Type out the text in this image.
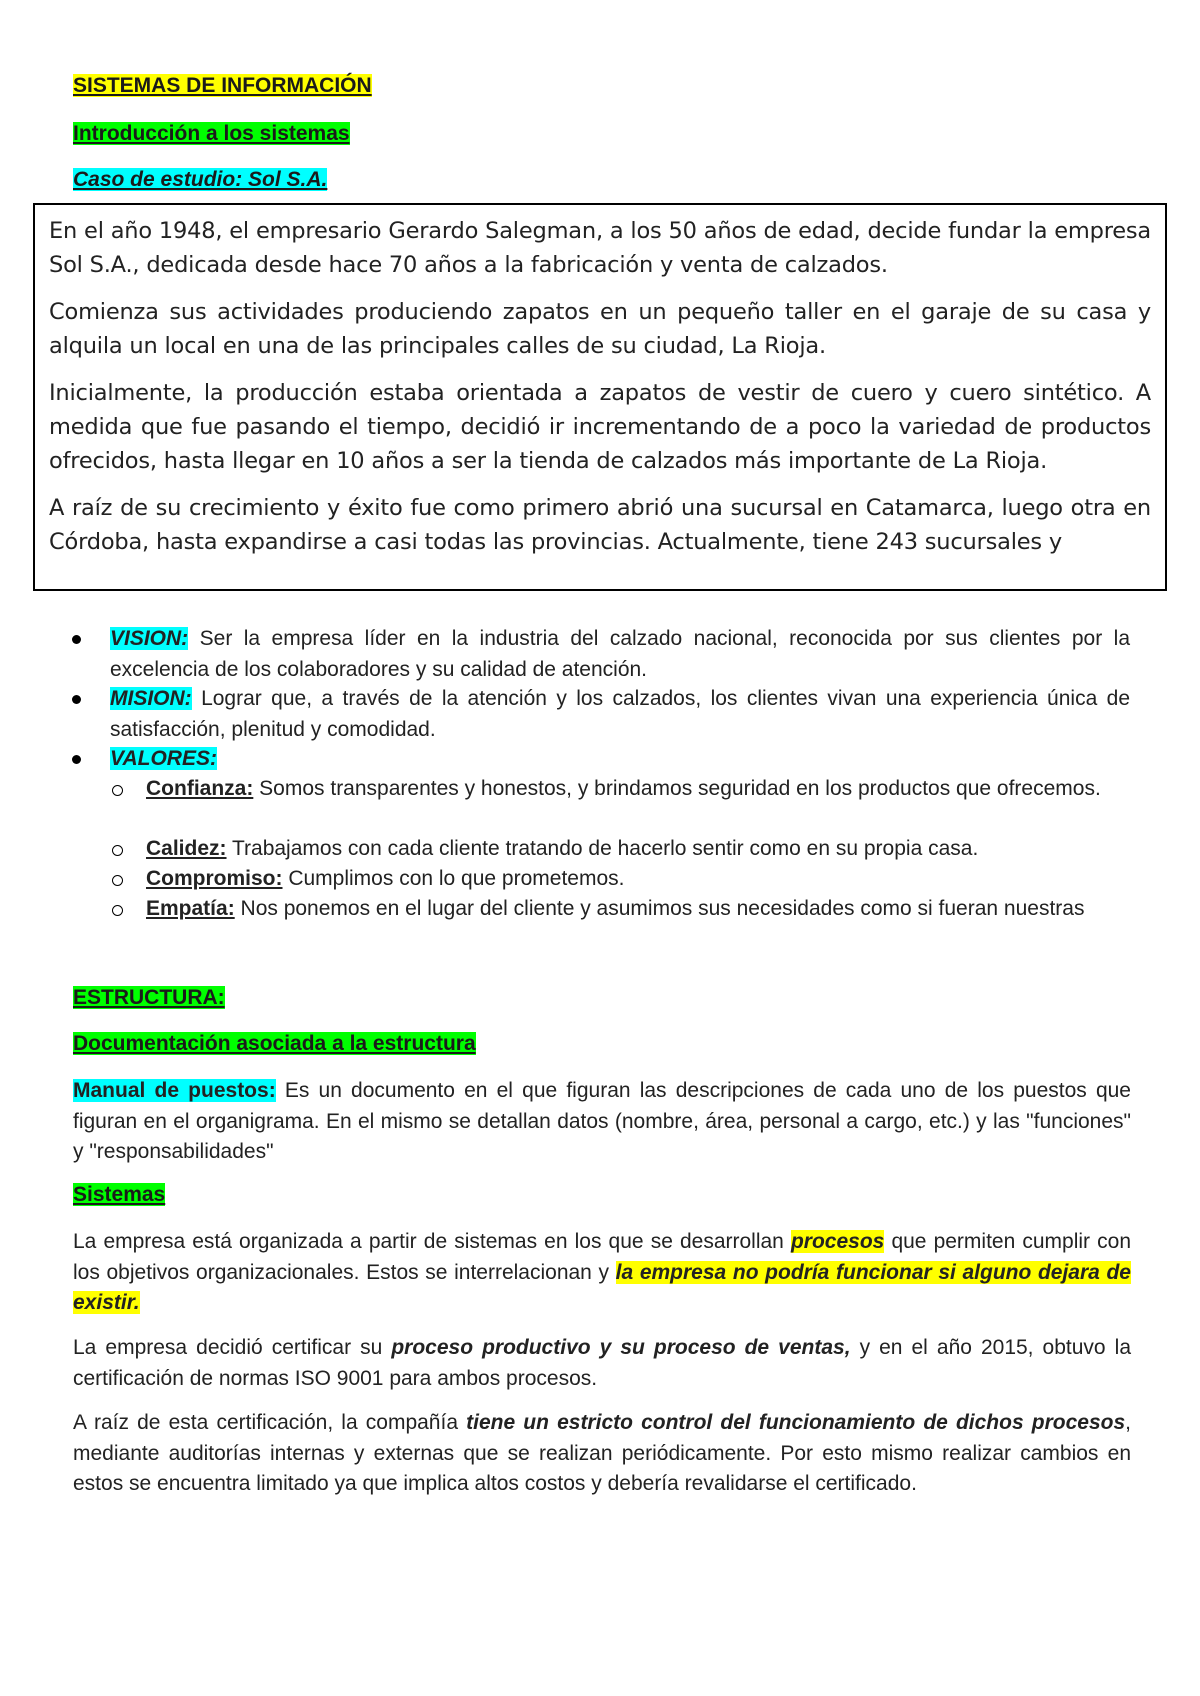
SISTEMAS DE INFORMACIÓN
Introducción a los sistemas
Caso de estudio: Sol S.A.

En el año 1948, el empresario Gerardo Salegman, a los 50 años de edad, decide fundar la empresa Sol S.A., dedicada desde hace 70 años a la fabricación y venta de calzados.

Comienza sus actividades produciendo zapatos en un pequeño taller en el garaje de su casa y alquila un local en una de las principales calles de su ciudad, La Rioja.

Inicialmente, la producción estaba orientada a zapatos de vestir de cuero y cuero sintético. A medida que fue pasando el tiempo, decidió ir incrementando de a poco la variedad de productos ofrecidos, hasta llegar en 10 años a ser la tienda de calzados más importante de La Rioja.

A raíz de su crecimiento y éxito fue como primero abrió una sucursal en Catamarca, luego otra en Córdoba, hasta expandirse a casi todas las provincias. Actualmente, tiene 243 sucursales y

VISION: Ser la empresa líder en la industria del calzado nacional, reconocida por sus clientes por la excelencia de los colaboradores y su calidad de atención.
MISION: Lograr que, a través de la atención y los calzados, los clientes vivan una experiencia única de satisfacción, plenitud y comodidad.
VALORES:
Confianza: Somos transparentes y honestos, y brindamos seguridad en los productos que ofrecemos.
Calidez: Trabajamos con cada cliente tratando de hacerlo sentir como en su propia casa.
Compromiso: Cumplimos con lo que prometemos.
Empatía: Nos ponemos en el lugar del cliente y asumimos sus necesidades como si fueran nuestras
ESTRUCTURA:
Documentación asociada a la estructura
Manual de puestos: Es un documento en el que figuran las descripciones de cada uno de los puestos que figuran en el organigrama. En el mismo se detallan datos (nombre, área, personal a cargo, etc.) y las "funciones" y "responsabilidades"
Sistemas
La empresa está organizada a partir de sistemas en los que se desarrollan procesos que permiten cumplir con los objetivos organizacionales. Estos se interrelacionan y la empresa no podría funcionar si alguno dejara de existir.
La empresa decidió certificar su proceso productivo y su proceso de ventas, y en el año 2015, obtuvo la certificación de normas ISO 9001 para ambos procesos.
A raíz de esta certificación, la compañía tiene un estricto control del funcionamiento de dichos procesos, mediante auditorías internas y externas que se realizan periódicamente. Por esto mismo realizar cambios en estos se encuentra limitado ya que implica altos costos y debería revalidarse el certificado.
